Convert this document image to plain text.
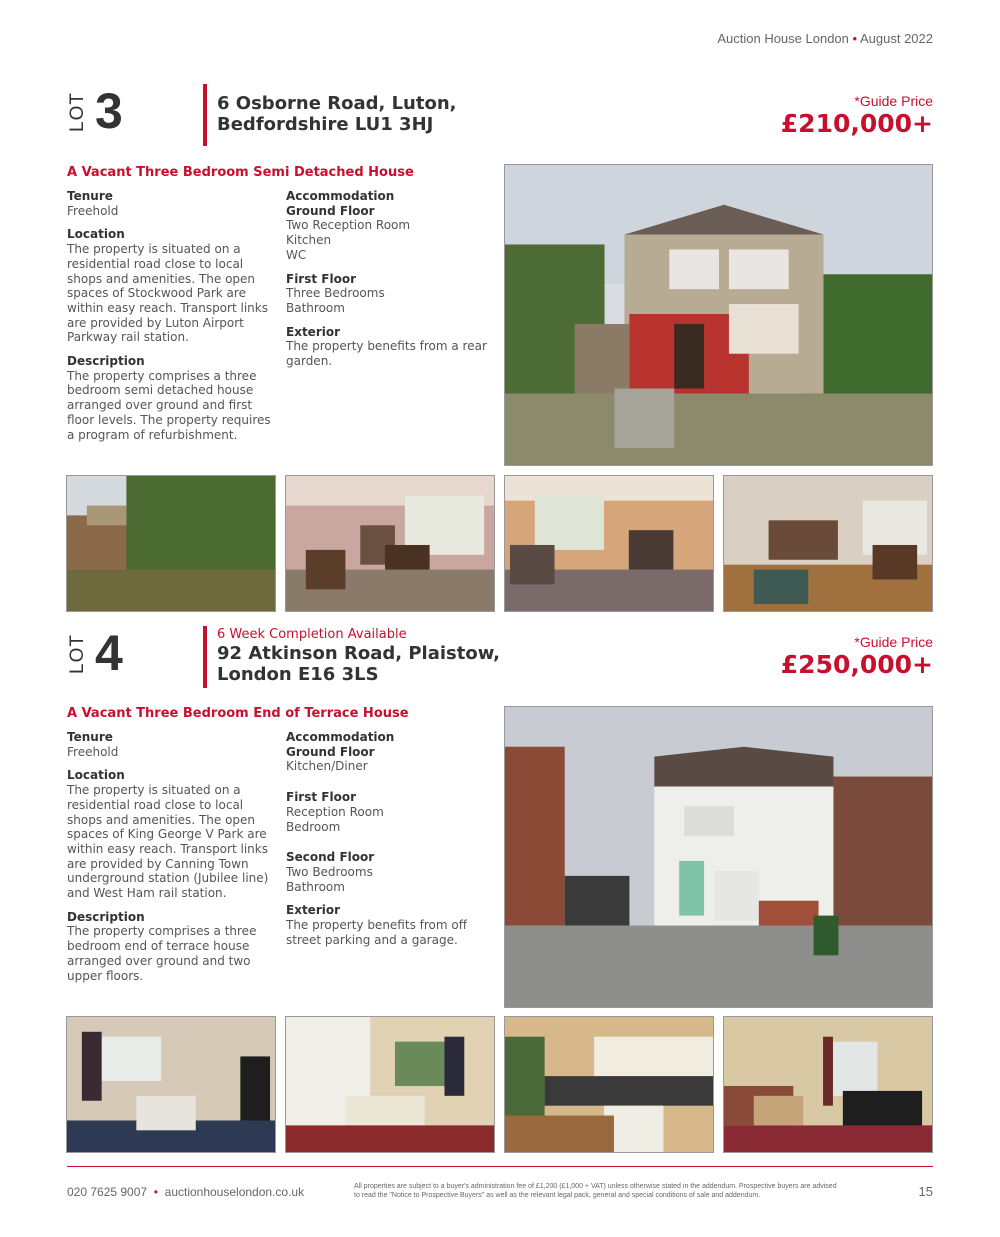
Auction House London • August 2022
LOT 3	6 Osborne Road, Luton,
Bedfordshire LU1 3HJ
*Guide Price
£210,000+
A Vacant Three Bedroom Semi Detached House
Tenure
Freehold
Location
The property is situated on a residential road close to local shops and amenities. The open spaces of Stockwood Park are within easy reach. Transport links are provided by Luton Airport Parkway rail station.
Description
The property comprises a three bedroom semi detached house arranged over ground and first floor levels. The property requires a program of refurbishment.
Accommodation
Ground Floor
Two Reception Room
Kitchen
WC
First Floor
Three Bedrooms
Bathroom
Exterior
The property benefits from a rear garden.
LOT 4	6 Week Completion Available
92 Atkinson Road, Plaistow,
London E16 3LS
*Guide Price
£250,000+
A Vacant Three Bedroom End of Terrace House
Tenure
Freehold
Location
The property is situated on a residential road close to local shops and amenities. The open spaces of King George V Park are within easy reach. Transport links are provided by Canning Town underground station (Jubilee line) and West Ham rail station.
Description
The property comprises a three bedroom end of terrace house arranged over ground and two upper floors.
Accommodation
Ground Floor
Kitchen/Diner
First Floor
Reception Room
Bedroom
Second Floor
Two Bedrooms
Bathroom
Exterior
The property benefits from off street parking and a garage.
020 7625 9007 • auctionhouselondon.co.uk	All properties are subject to a buyer's administration fee of £1,200 (£1,000 + VAT) unless otherwise stated in the addendum. Prospective buyers are advised to read the "Notice to Prospective Buyers" as well as the relevant legal pack, general and special conditions of sale and addendum.	15
